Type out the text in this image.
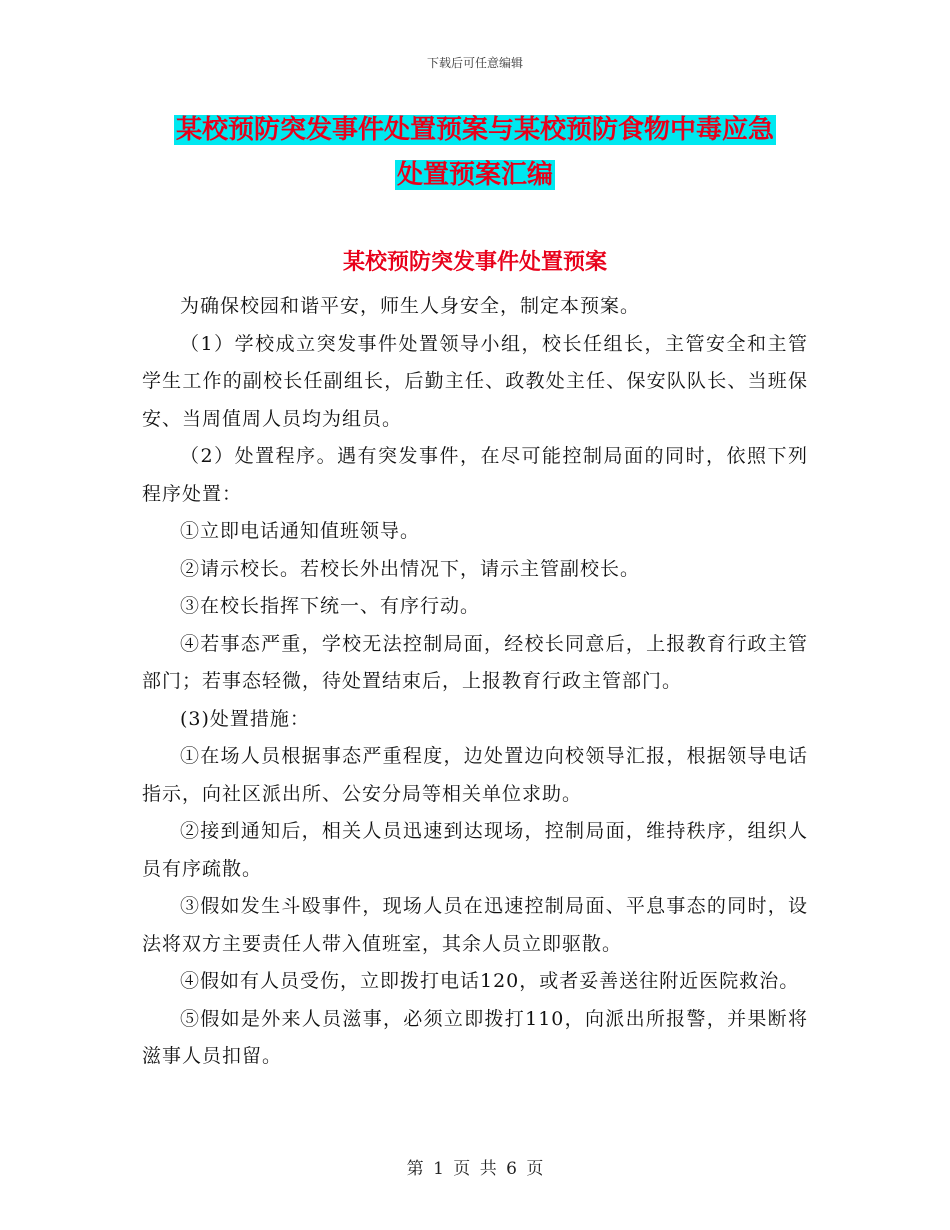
下载后可任意编辑
某校预防突发事件处置预案与某校预防食物中毒应急
处置预案汇编
某校预防突发事件处置预案

为确保校园和谐平安，师生人身安全，制定本预案。

（1）学校成立突发事件处置领导小组，校长任组长，主管安全和主管学生工作的副校长任副组长，后勤主任、政教处主任、保安队队长、当班保安、当周值周人员均为组员。

（2）处置程序。遇有突发事件，在尽可能控制局面的同时，依照下列程序处置：

①立即电话通知值班领导。

②请示校长。若校长外出情况下，请示主管副校长。

③在校长指挥下统一、有序行动。

④若事态严重，学校无法控制局面，经校长同意后，上报教育行政主管部门；若事态轻微，待处置结束后，上报教育行政主管部门。

(3)处置措施：

①在场人员根据事态严重程度，边处置边向校领导汇报，根据领导电话指示，向社区派出所、公安分局等相关单位求助。

②接到通知后，相关人员迅速到达现场，控制局面，维持秩序，组织人员有序疏散。

③假如发生斗殴事件，现场人员在迅速控制局面、平息事态的同时，设法将双方主要责任人带入值班室，其余人员立即驱散。

④假如有人员受伤，立即拨打电话120，或者妥善送往附近医院救治。

⑤假如是外来人员滋事，必须立即拨打110，向派出所报警，并果断将滋事人员扣留。

第 1 页 共 6 页
